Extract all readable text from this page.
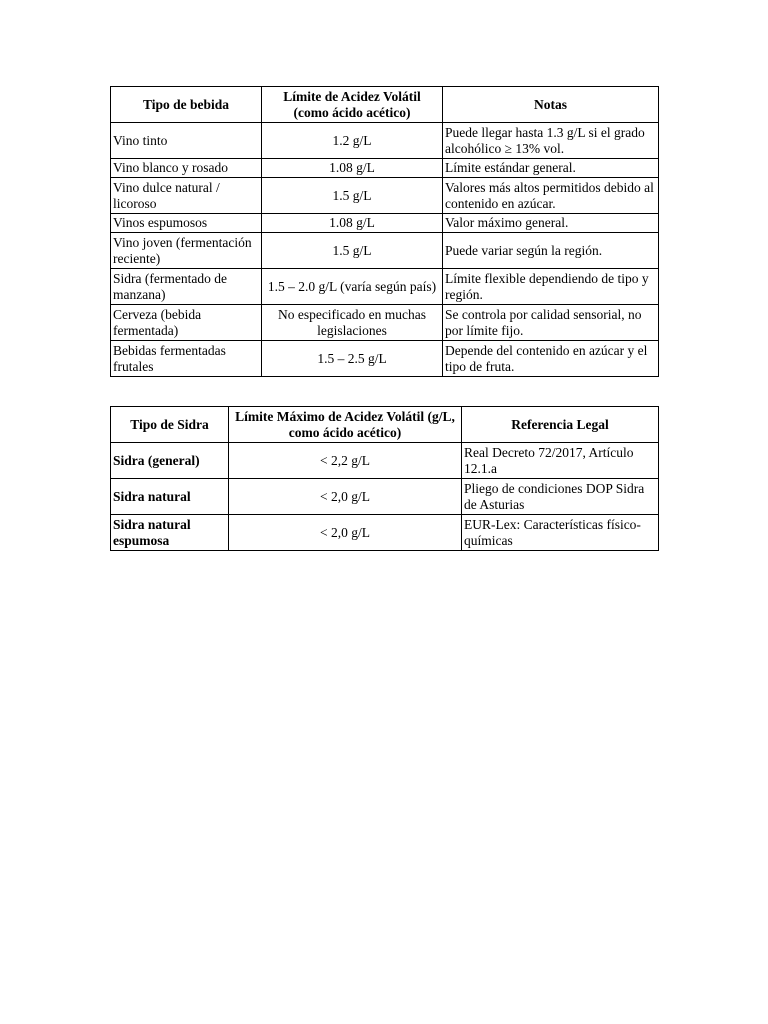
Tipo de bebida	Límite de Acidez Volátil (como ácido acético)	Notas
Vino tinto	1.2 g/L	Puede llegar hasta 1.3 g/L si el grado alcohólico ≥ 13% vol.
Vino blanco y rosado	1.08 g/L	Límite estándar general.
Vino dulce natural / licoroso	1.5 g/L	Valores más altos permitidos debido al contenido en azúcar.
Vinos espumosos	1.08 g/L	Valor máximo general.
Vino joven (fermentación reciente)	1.5 g/L	Puede variar según la región.
Sidra (fermentado de manzana)	1.5 – 2.0 g/L (varía según país)	Límite flexible dependiendo de tipo y región.
Cerveza (bebida fermentada)	No especificado en muchas legislaciones	Se controla por calidad sensorial, no por límite fijo.
Bebidas fermentadas frutales	1.5 – 2.5 g/L	Depende del contenido en azúcar y el tipo de fruta.
Tipo de Sidra	Límite Máximo de Acidez Volátil (g/L, como ácido acético)	Referencia Legal
Sidra (general)	< 2,2 g/L	Real Decreto 72/2017, Artículo 12.1.a
Sidra natural	< 2,0 g/L	Pliego de condiciones DOP Sidra de Asturias
Sidra natural espumosa	< 2,0 g/L	EUR-Lex: Características físico-químicas
